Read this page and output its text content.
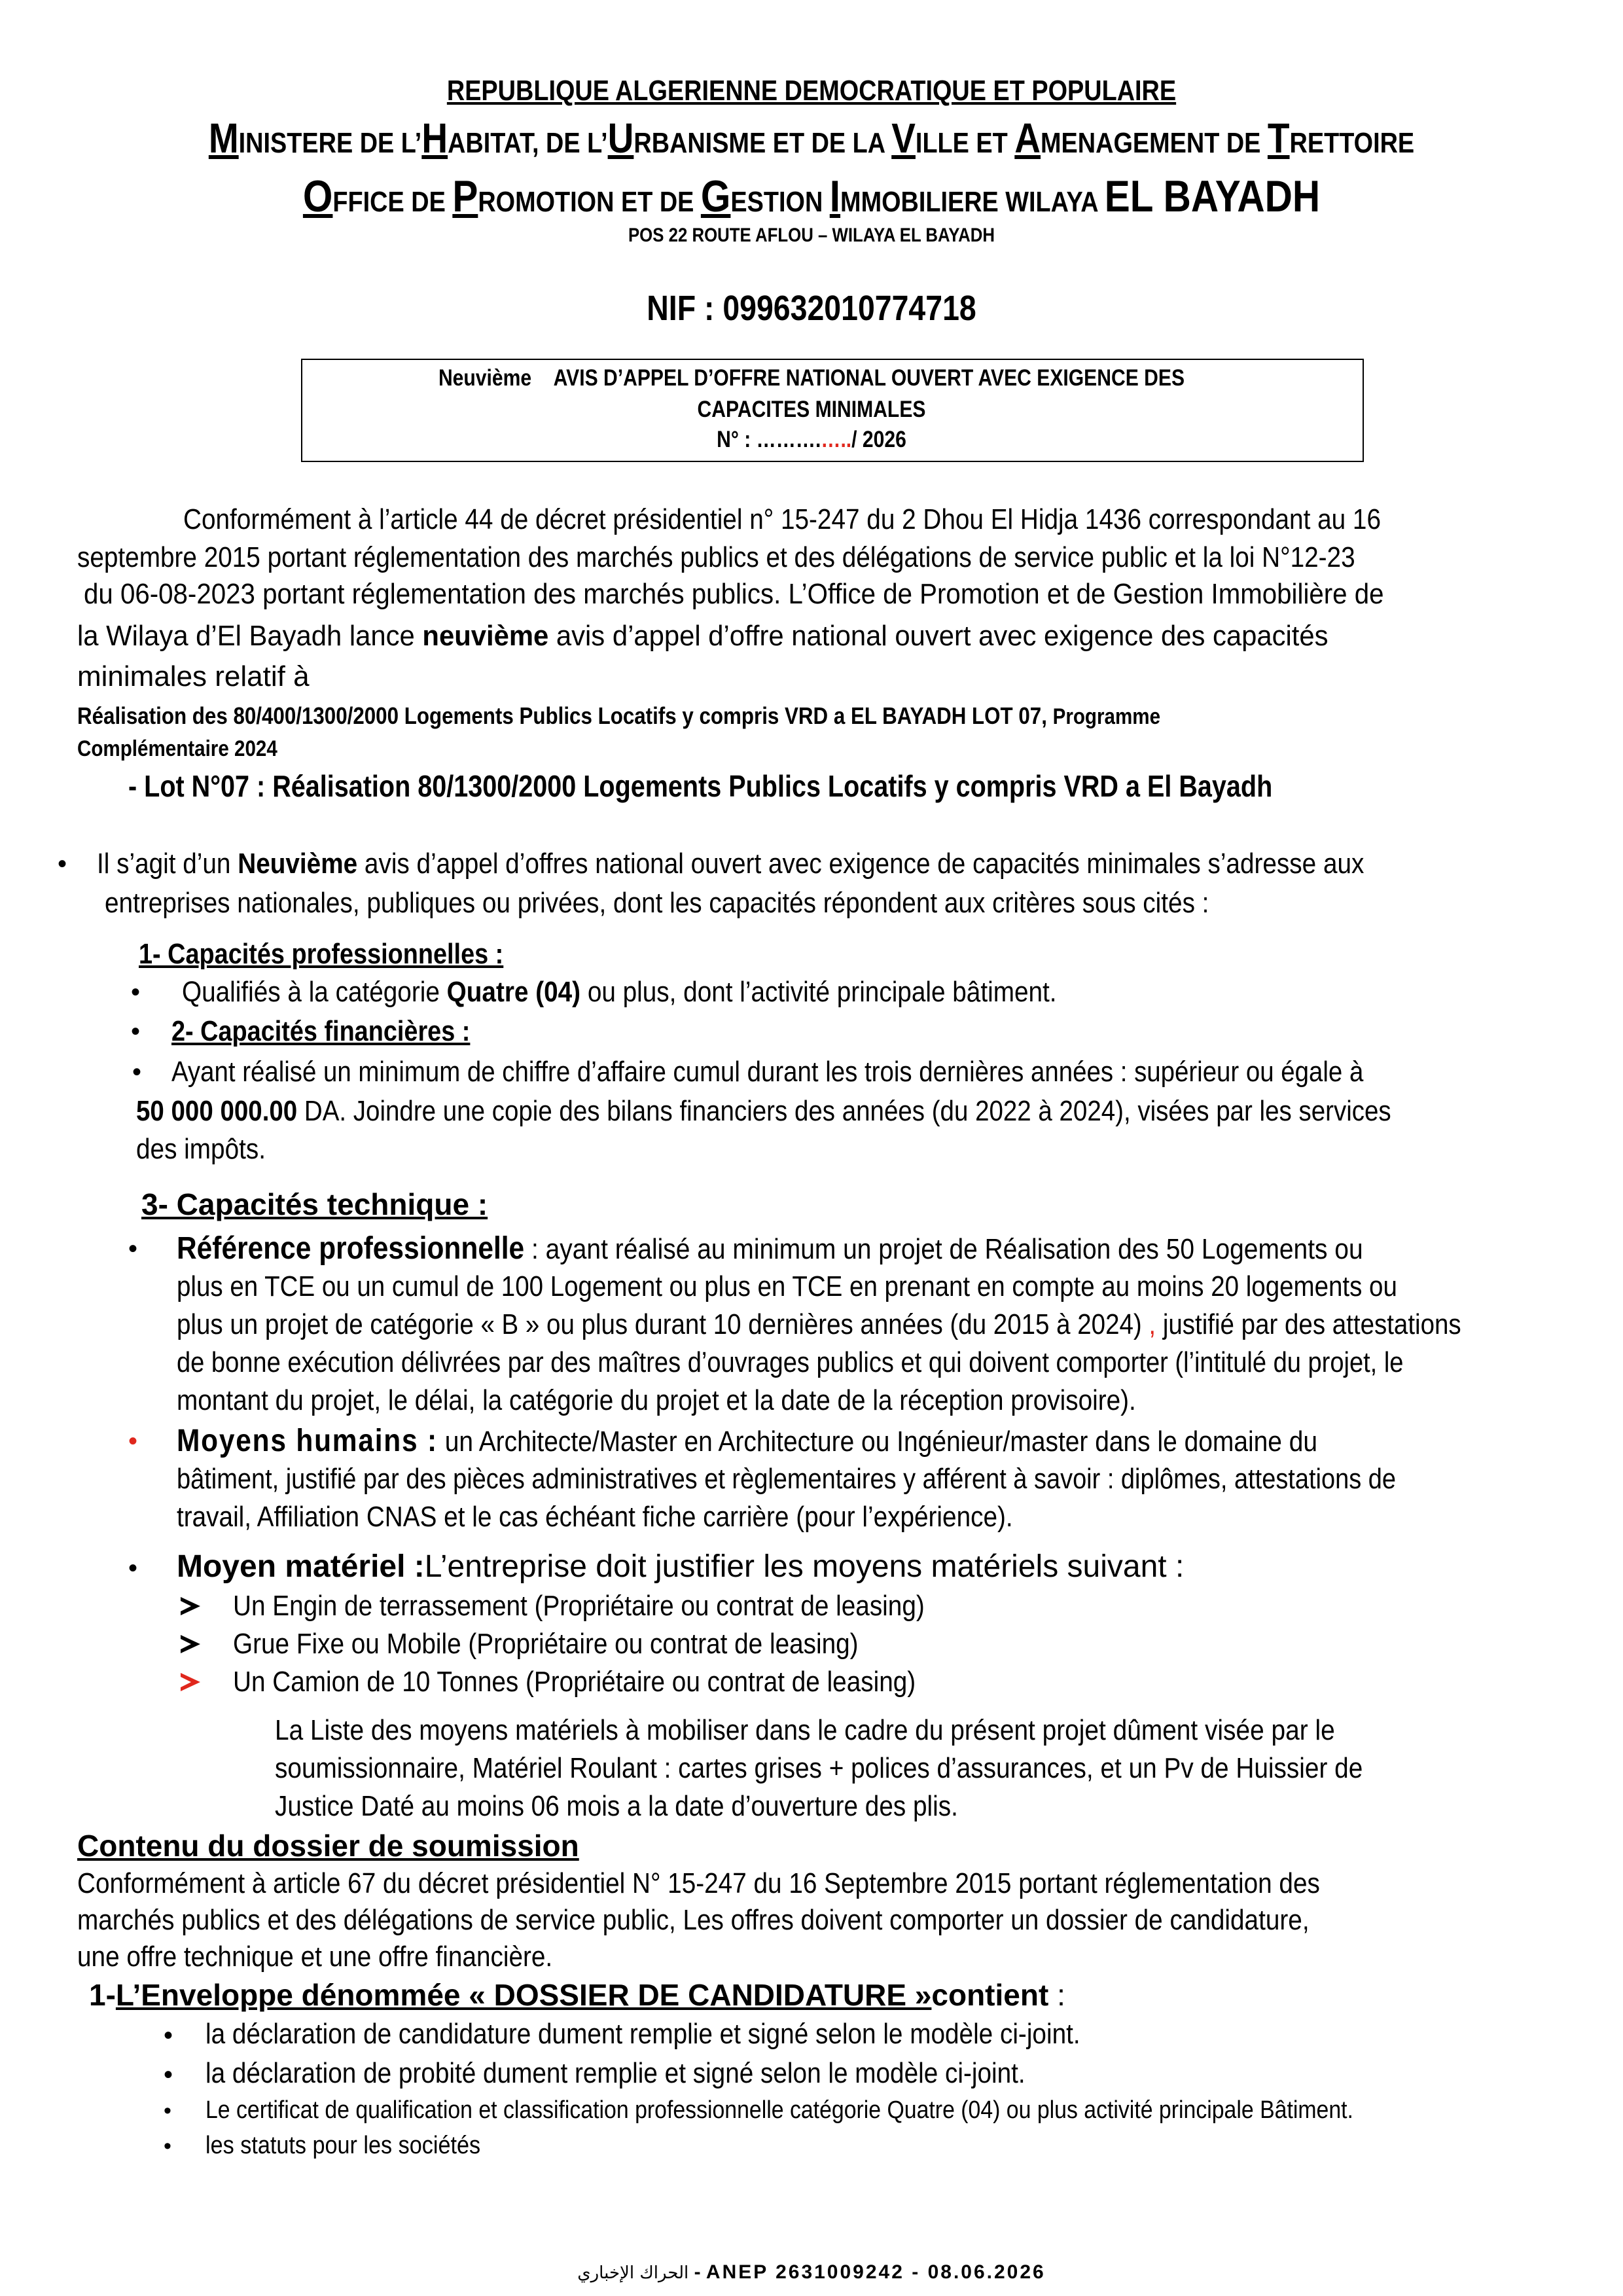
REPUBLIQUE ALGERIENNE DEMOCRATIQUE ET POPULAIRE
MINISTERE DE L’HABITAT, DE L’URBANISME ET DE LA VILLE ET AMENAGEMENT DE TRETTOIRE
OFFICE DE PROMOTION ET DE GESTION IMMOBILIERE WILAYA EL BAYADH
POS 22 ROUTE AFLOU – WILAYA EL BAYADH
NIF : 099632010774718
Neuvième AVIS D’APPEL D’OFFRE NATIONAL OUVERT AVEC EXIGENCE DES
CAPACITES MINIMALES
N° : ……….…../ 2026
Conformément à l’article 44 de décret présidentiel n° 15-247 du 2 Dhou El Hidja 1436 correspondant au 16
septembre 2015 portant réglementation des marchés publics et des délégations de service public et la loi N°12-23
du 06-08-2023 portant réglementation des marchés publics. L’Office de Promotion et de Gestion Immobilière de
la Wilaya d’El Bayadh lance neuvième avis d’appel d’offre national ouvert avec exigence des capacités
minimales relatif à
Réalisation des 80/400/1300/2000 Logements Publics Locatifs y compris VRD a EL BAYADH LOT 07, Programme
Complémentaire 2024
- Lot N°07 : Réalisation 80/1300/2000 Logements Publics Locatifs y compris VRD a El Bayadh
• Il s’agit d’un Neuvième avis d’appel d’offres national ouvert avec exigence de capacités minimales s’adresse aux
entreprises nationales, publiques ou privées, dont les capacités répondent aux critères sous cités :
1- Capacités professionnelles :
• Qualifiés à la catégorie Quatre (04) ou plus, dont l’activité principale bâtiment.
• 2- Capacités financières :
• Ayant réalisé un minimum de chiffre d’affaire cumul durant les trois dernières années : supérieur ou égale à
50 000 000.00 DA. Joindre une copie des bilans financiers des années (du 2022 à 2024), visées par les services
des impôts.
3- Capacités technique :
• Référence professionnelle : ayant réalisé au minimum un projet de Réalisation des 50 Logements ou
plus en TCE ou un cumul de 100 Logement ou plus en TCE en prenant en compte au moins 20 logements ou
plus un projet de catégorie « B » ou plus durant 10 dernières années (du 2015 à 2024) , justifié par des attestations
de bonne exécution délivrées par des maîtres d’ouvrages publics et qui doivent comporter (l’intitulé du projet, le
montant du projet, le délai, la catégorie du projet et la date de la réception provisoire).
• Moyens humains : un Architecte/Master en Architecture ou Ingénieur/master dans le domaine du
bâtiment, justifié par des pièces administratives et règlementaires y afférent à savoir : diplômes, attestations de
travail, Affiliation CNAS et le cas échéant fiche carrière (pour l’expérience).
• Moyen matériel :L’entreprise doit justifier les moyens matériels suivant :
Un Engin de terrassement (Propriétaire ou contrat de leasing)
Grue Fixe ou Mobile (Propriétaire ou contrat de leasing)
Un Camion de 10 Tonnes (Propriétaire ou contrat de leasing)
La Liste des moyens matériels à mobiliser dans le cadre du présent projet dûment visée par le
soumissionnaire, Matériel Roulant : cartes grises + polices d’assurances, et un Pv de Huissier de
Justice Daté au moins 06 mois a la date d’ouverture des plis.
Contenu du dossier de soumission
Conformément à article 67 du décret présidentiel N° 15-247 du 16 Septembre 2015 portant réglementation des
marchés publics et des délégations de service public, Les offres doivent comporter un dossier de candidature,
une offre technique et une offre financière.
1-L’Enveloppe dénommée « DOSSIER DE CANDIDATURE »contient :
• la déclaration de candidature dument remplie et signé selon le modèle ci-joint.
• la déclaration de probité dument remplie et signé selon le modèle ci-joint.
• Le certificat de qualification et classification professionnelle catégorie Quatre (04) ou plus activité principale Bâtiment.
• les statuts pour les sociétés
الحراك الإخباري - ANEP 2631009242 - 08.06.2026
